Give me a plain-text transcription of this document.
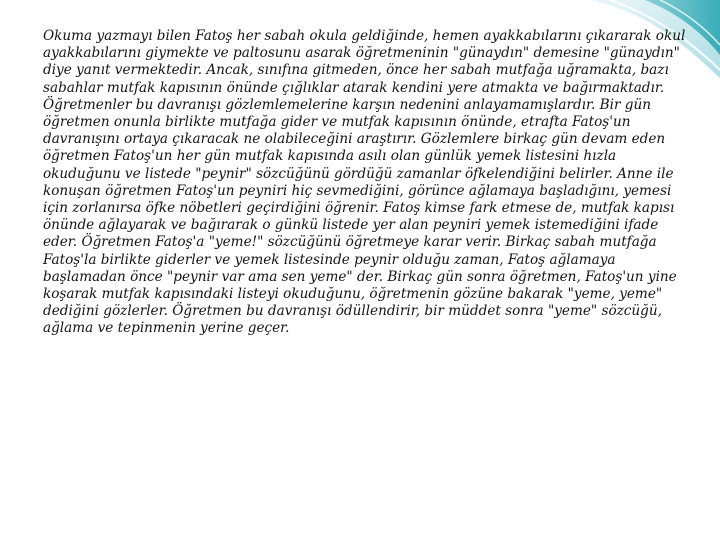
Okuma yazmayı bilen Fatoş her sabah okula geldiğinde, hemen ayakkabılarını çıkararak okul ayakkabılarını giymekte ve paltosunu asarak öğretmeninin "günaydın" demesine "günaydın" diye yanıt vermektedir. Ancak, sınıfına gitmeden, önce her sabah mutfağa uğramakta, bazı sabahlar mutfak kapısının önünde çığlıklar atarak kendini yere atmakta ve bağırmaktadır. Öğretmenler bu davranışı gözlemlemelerine karşın nedenini anlayamamışlardır. Bir gün öğretmen onunla birlikte mutfağa gider ve mutfak kapısının önünde, etrafta Fatoş'un davranışını ortaya çıkaracak ne olabileceğini araştırır. Gözlemlere birkaç gün devam eden öğretmen Fatoş'un her gün mutfak kapısında asılı olan günlük yemek listesini hızla okuduğunu ve listede "peynir" sözcüğünü gördüğü zamanlar öfkelendiğini belirler. Anne ile konuşan öğretmen Fatoş'un peyniri hiç sevmediğini, görünce ağlamaya başladığını, yemesi için zorlanırsa öfke nöbetleri geçirdiğini öğrenir. Fatoş kimse fark etmese de, mutfak kapısı önünde ağlayarak ve bağırarak o günkü listede yer alan peyniri yemek istemediğini ifade eder. Öğretmen Fatoş'a "yeme!" sözcüğünü öğretmeye karar verir. Birkaç sabah mutfağa Fatoş'la birlikte giderler ve yemek listesinde peynir olduğu zaman, Fatoş ağlamaya başlamadan önce "peynir var ama sen yeme" der. Birkaç gün sonra öğretmen, Fatoş'un yine koşarak mutfak kapısındaki listeyi okuduğunu, öğretmenin gözüne bakarak "yeme, yeme" dediğini gözlerler. Öğretmen bu davranışı ödüllendirir, bir müddet sonra "yeme" sözcüğü, ağlama ve tepinmenin yerine geçer.
